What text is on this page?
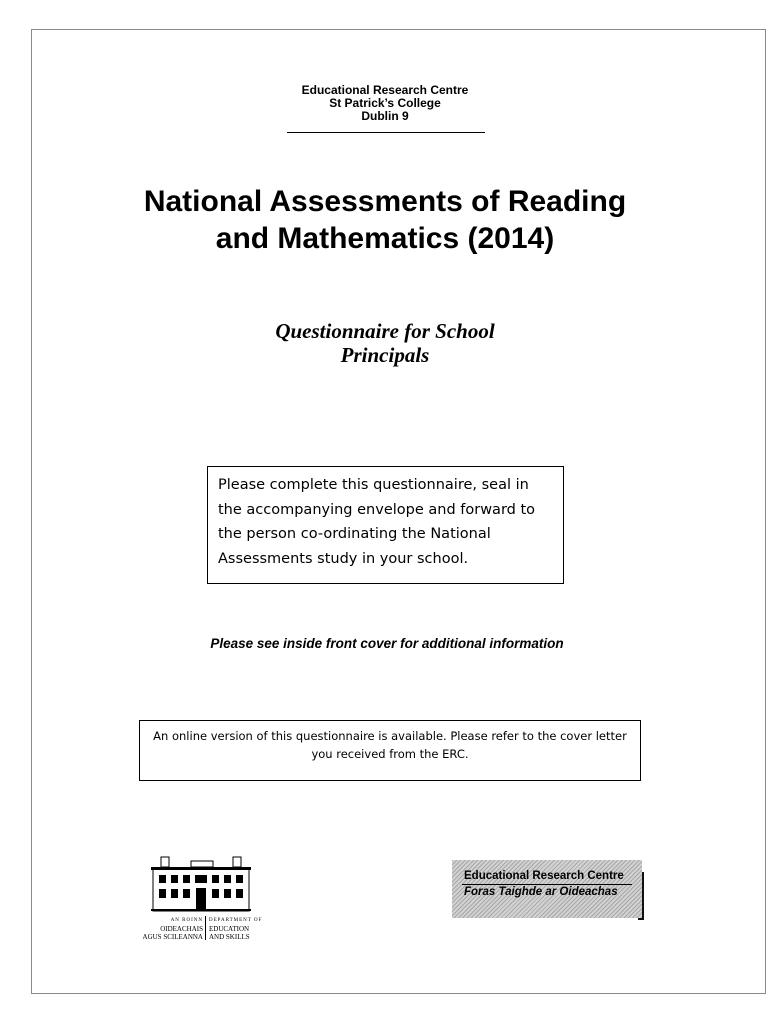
Educational Research Centre
St Patrick’s College
Dublin 9
National Assessments of Reading
and Mathematics (2014)
Questionnaire for School
Principals
Please complete this questionnaire, seal in
the accompanying envelope and forward to
the person co-ordinating the National
Assessments study in your school.
Please see inside front cover for additional information
An online version of this questionnaire is available. Please refer to the cover letter
you received from the ERC.
AN ROINN
OIDEACHAIS
AGUS SCILEANNA
DEPARTMENT OF
EDUCATION
AND SKILLS
Educational Research Centre
Foras Taighde ar Oideachas
